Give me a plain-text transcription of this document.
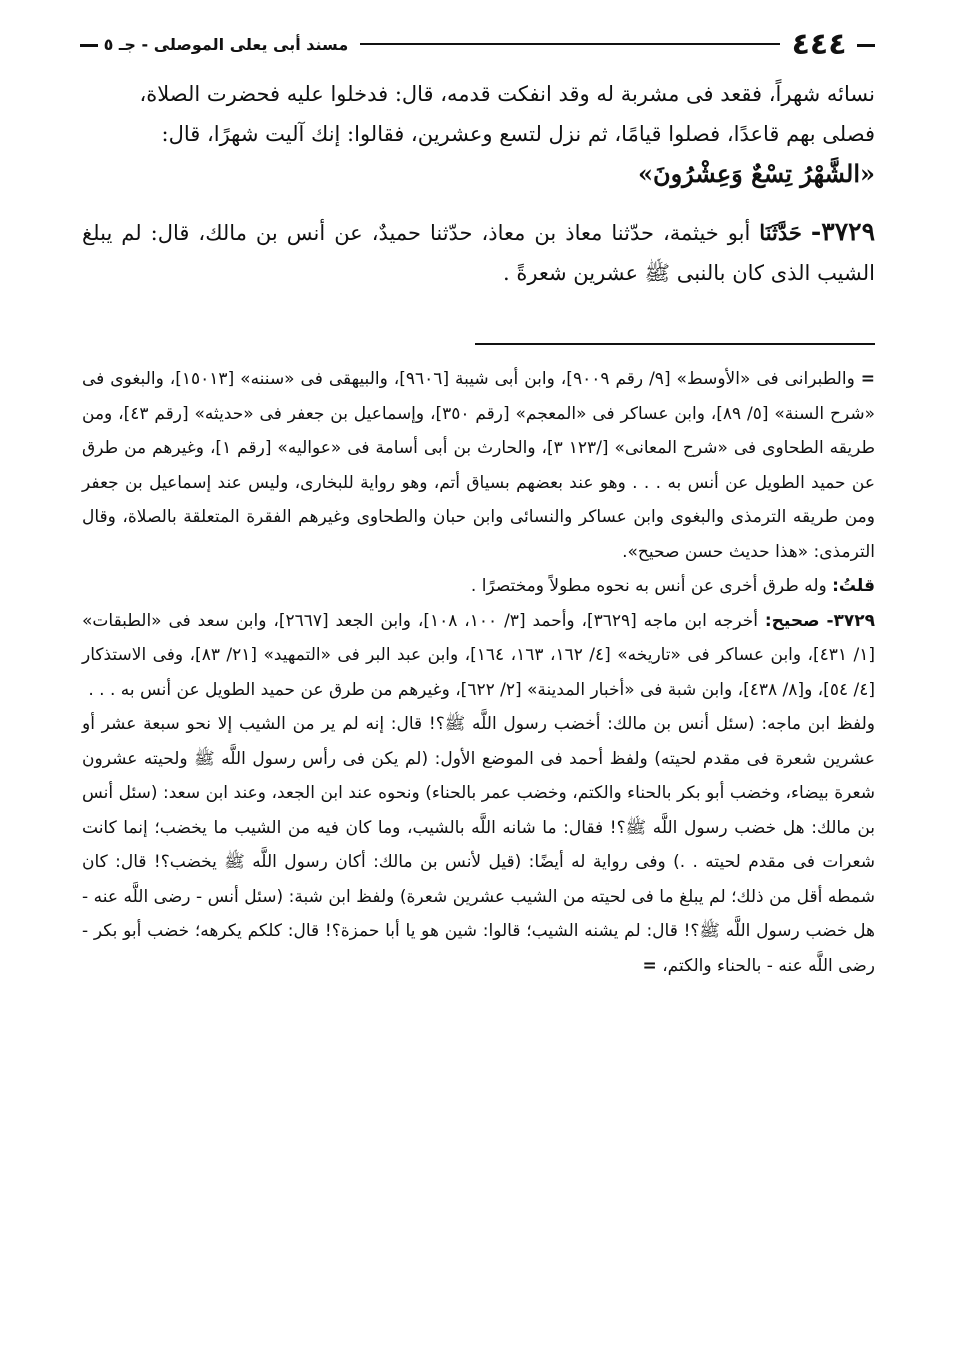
٤٤٤
مسند أبى يعلى الموصلى - جـ ٥

نسائه شهراً، فقعد فى مشربة له وقد انفكت قدمه، قال: فدخلوا عليه فحضرت الصلاة،

فصلى بهم قاعدًا، فصلوا قيامًا، ثم نزل لتسع وعشرين، فقالوا: إنك آليت شهرًا، قال:

«الشَّهْرُ تِسْعٌ وَعِشْرُونَ»

٣٧٢٩- حَدَّثَنَا أبو خيثمة، حدّثنا معاذ بن معاذ، حدّثنا حميدٌ، عن أنس بن مالك، قال: لم يبلغ الشيب الذى كان بالنبى ﷺ عشرين شعرةً .

= والطبرانى فى «الأوسط» [٩/ رقم ٩٠٠٩]، وابن أبى شيبة [٩٦٠٦]، والبيهقى فى «سننه» [١٥٠١٣]، والبغوى فى «شرح السنة» [٥/ ٨٩]، وابن عساكر فى «المعجم» [رقم ٣٥٠]، وإسماعيل بن جعفر فى «حديثه» [رقم ٤٣]، ومن طريقه الطحاوى فى «شرح المعانى» [/١٢٣ ٣]، والحارث بن أبى أسامة فى «عواليه» [رقم ١]، وغيرهم من طرق عن حميد الطويل عن أنس به . . . وهو عند بعضهم بسياق أتم، وهو رواية للبخارى، وليس عند إسماعيل بن جعفر ومن طريقه الترمذى والبغوى وابن عساكر والنسائى وابن حبان والطحاوى وغيرهم الفقرة المتعلقة بالصلاة، وقال الترمذى: «هذا حديث حسن صحيح».

قلتُ: وله طرق أخرى عن أنس به نحوه مطولاً ومختصرًا .

٣٧٢٩- صحيح: أخرجه ابن ماجه [٣٦٢٩]، وأحمد [٣/ ١٠٠، ١٠٨]، وابن الجعد [٢٦٦٧]، وابن سعد فى «الطبقات» [١/ ٤٣١]، وابن عساكر فى «تاريخه» [٤/ ١٦٢، ١٦٣، ١٦٤]، وابن عبد البر فى «التمهيد» [٢١/ ٨٣]، وفى الاستذكار [٤/ ٥٤]، و[٨/ ٤٣٨]، وابن شبة فى «أخبار المدينة» [٢/ ٦٢٢]، وغيرهم من طرق عن حميد الطويل عن أنس به . . .

ولفظ ابن ماجه: (سئل أنس بن مالك: أخضب رسول اللَّه ﷺ؟! قال: إنه لم ير من الشيب إلا نحو سبعة عشر أو عشرين شعرة فى مقدم لحيته) ولفظ أحمد فى الموضع الأول: (لم يكن فى رأس رسول اللَّه ﷺ ولحيته عشرون شعرة بيضاء، وخضب أبو بكر بالحناء والكتم، وخضب عمر بالحناء) ونحوه عند ابن الجعد، وعند ابن سعد: (سئل أنس بن مالك: هل خضب رسول اللَّه ﷺ؟! فقال: ما شانه اللَّه بالشيب، وما كان فيه من الشيب ما يخضب؛ إنما كانت شعرات فى مقدم لحيته . .) وفى رواية له أيضًا: (قيل لأنس بن مالك: أكان رسول اللَّه ﷺ يخضب؟! قال: كان شمطه أقل من ذلك؛ لم يبلغ ما فى لحيته من الشيب عشرين شعرة) ولفظ ابن شبة: (سئل أنس - رضى اللَّه عنه - هل خضب رسول اللَّه ﷺ؟! قال: لم يشنه الشيب؛ قالوا: شين هو يا أبا حمزة؟! قال: كلكم يكرهه؛ خضب أبو بكر - رضى اللَّه عنه - بالحناء والكتم، =
